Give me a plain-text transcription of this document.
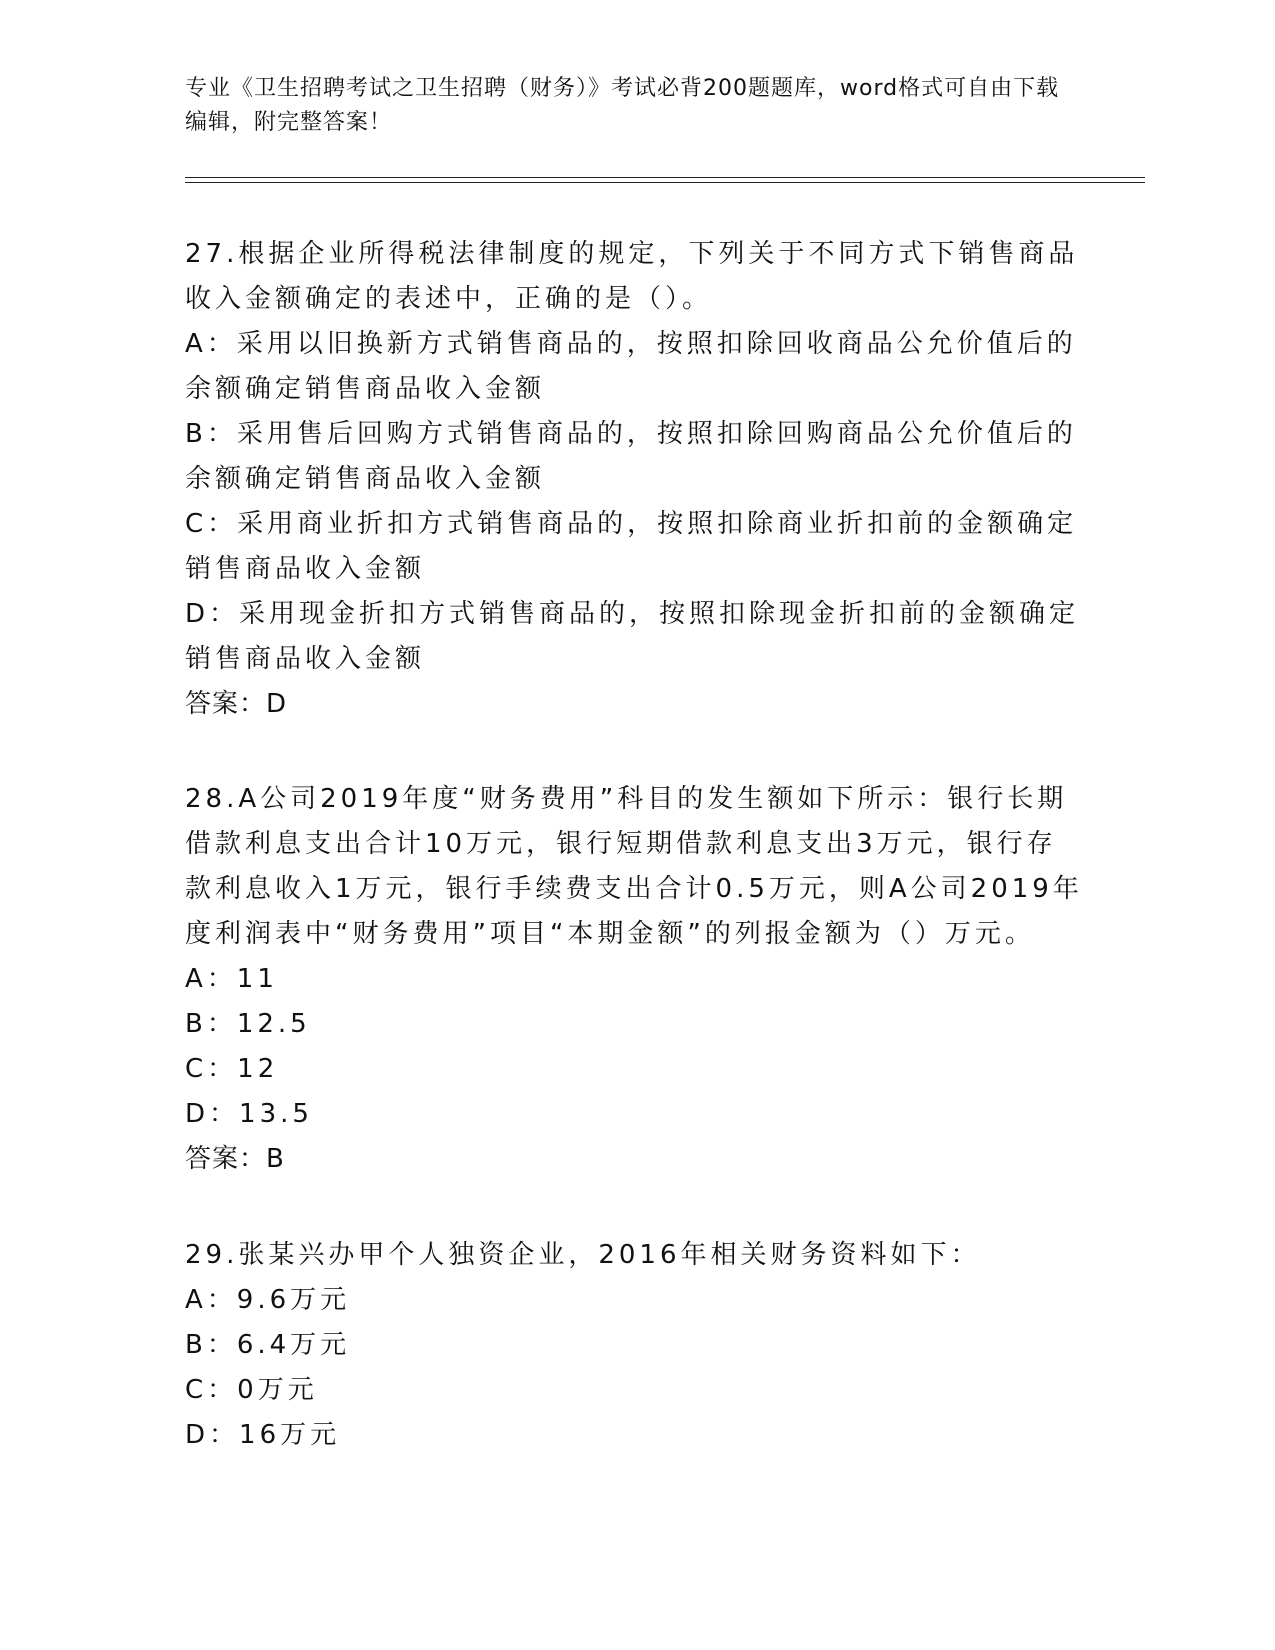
专业《卫生招聘考试之卫生招聘（财务）》考试必背200题题库，word格式可自由下载编辑，附完整答案！

27.根据企业所得税法律制度的规定，下列关于不同方式下销售商品收入金额确定的表述中，正确的是（）。

A：采用以旧换新方式销售商品的，按照扣除回收商品公允价值后的余额确定销售商品收入金额

B：采用售后回购方式销售商品的，按照扣除回购商品公允价值后的余额确定销售商品收入金额

C：采用商业折扣方式销售商品的，按照扣除商业折扣前的金额确定销售商品收入金额

D：采用现金折扣方式销售商品的，按照扣除现金折扣前的金额确定销售商品收入金额

答案：D

28.A公司2019年度“财务费用”科目的发生额如下所示：银行长期借款利息支出合计10万元，银行短期借款利息支出3万元，银行存款利息收入1万元，银行手续费支出合计0.5万元，则A公司2019年度利润表中“财务费用”项目“本期金额”的列报金额为（）万元。

A：11

B：12.5

C：12

D：13.5

答案：B

29.张某兴办甲个人独资企业，2016年相关财务资料如下：

A：9.6万元

B：6.4万元

C：0万元

D：16万元
